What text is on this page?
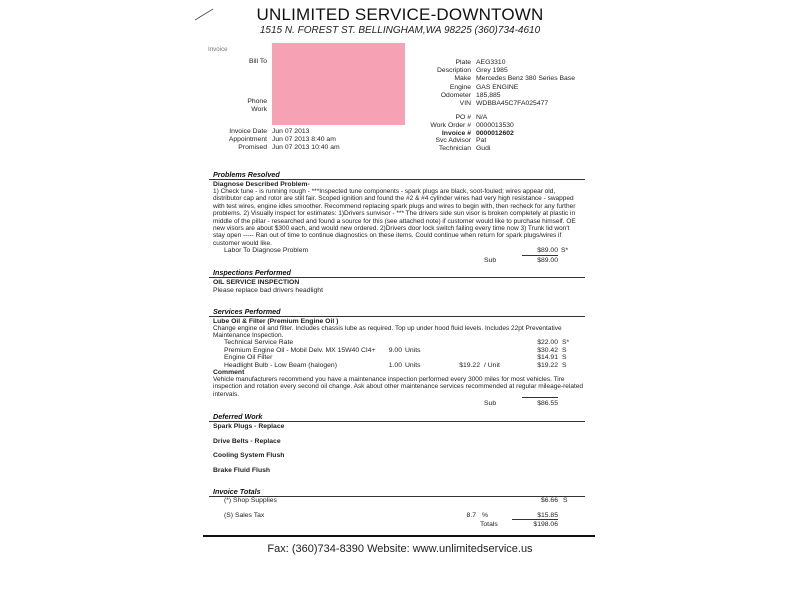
UNLIMITED SERVICE-DOWNTOWN
1515 N. FOREST ST. BELLINGHAM,WA 98225 (360)734-4610
Invoice
Bill To
Phone
Work
Plate AEG3310
Description Grey 1985
Make Mercedes Benz 380 Series Base
Engine GAS ENGINE
Odometer 185,885
VIN WDBBA45C7FA025477
PO # N/A
Work Order # 0000013530
Invoice # 0000012602
Svc Advisor Pat
Technician Gudi
Invoice Date Jun 07 2013
Appointment Jun 07 2013 8:40 am
Promised Jun 07 2013 10:40 am
Problems Resolved
Diagnose Described Problem-
1) Check tune - is running rough - ***Inspected tune components - spark plugs are black, soot-fouled; wires appear old, distributor cap and rotor are still fair. Scoped ignition and found the #2 & #4 cylinder wires had very high resistance - swapped with test wires, engine idles smoother. Recommend replacing spark plugs and wires to begin with, then recheck for any further problems. 2) Visually inspect for estimates: 1)Drivers sunvisor - *** The drivers side sun visor is broken completely at plastic in middle of the pillar - researched and found a source for this (see attached note) if customer would like to purchase himself. OE new visors are about $300 each, and would new ordered. 2)Drivers door lock switch failing every time now 3) Trunk lid won't stay open ----- Ran out of time to continue diagnostics on these items. Could continue when return for spark plugs/wires if customer would like.
Labor To Diagnose Problem	$89.00 S*
Sub	$89.00
Inspections Performed
OIL SERVICE INSPECTION
Please replace bad drivers headlight
Services Performed
Lube Oil & Filter (Premium Engine Oil )
Change engine oil and filter. Includes chassis lube as required. Top up under hood fluid levels. Includes 22pt Preventative Maintenance Inspection.
Technical Service Rate	$22.00 S*
Premium Engine Oil - Mobil Delv. MX 15W40 CI4+	9.00 Units	$30.42 S
Engine Oil Filter	$14.91 S
Headlight Bulb - Low Beam (halogen)	1.00 Units	$19.22 / Unit	$19.22 S
Comment
Vehicle manufacturers recommend you have a maintenance inspection performed every 3000 miles for most vehicles. Tire inspection and rotation every second oil change. Ask about other maintenance services recommended at regular mileage-related intervals.
Sub	$86.55
Deferred Work
Spark Plugs - Replace
Drive Belts - Replace
Cooling System Flush
Brake Fluid Flush
Invoice Totals
(*) Shop Supplies	$6.66 S
(S) Sales Tax	8.7 %	$15.85
Totals	$198.06
Fax: (360)734-8390 Website: www.unlimitedservice.us
